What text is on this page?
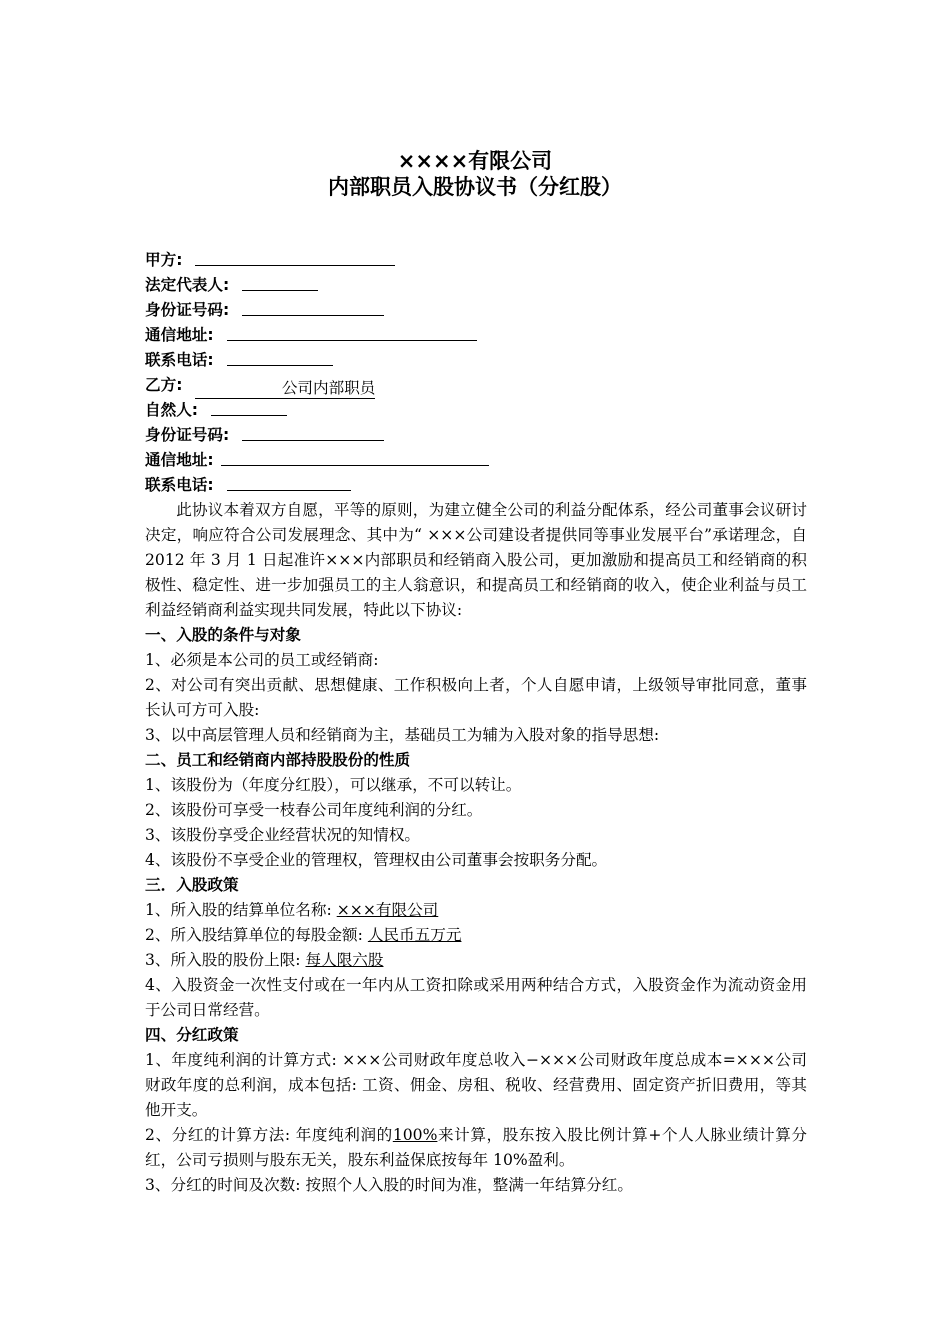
××××有限公司
内部职员入股协议书（分红股）
甲方:
法定代表人:
身份证号码:
通信地址:
联系电话:
乙方:	公司内部职员
自然人:
身份证号码:
通信地址:
联系电话:

此协议本着双方自愿，平等的原则，为建立健全公司的利益分配体系，经公司董事会议研讨决定，响应符合公司发展理念、其中为“ ×××公司建设者提供同等事业发展平台”承诺理念，自 2012 年 3 月 1 日起准许×××内部职员和经销商入股公司，更加激励和提高员工和经销商的积极性、稳定性、进一步加强员工的主人翁意识，和提高员工和经销商的收入，使企业利益与员工利益经销商利益实现共同发展，特此以下协议:

一、入股的条件与对象

1、必须是本公司的员工或经销商:

2、对公司有突出贡献、思想健康、工作积极向上者，个人自愿申请，上级领导审批同意，董事长认可方可入股:

3、以中高层管理人员和经销商为主，基础员工为辅为入股对象的指导思想:

二、员工和经销商内部持股股份的性质

1、该股份为（年度分红股），可以继承，不可以转让。

2、该股份可享受一枝春公司年度纯利润的分红。

3、该股份享受企业经营状况的知情权。

4、该股份不享受企业的管理权，管理权由公司董事会按职务分配。

三．入股政策

1、所入股的结算单位名称: ×××有限公司

2、所入股结算单位的每股金额: 人民币五万元

3、所入股的股份上限: 每人限六股

4、入股资金一次性支付或在一年内从工资扣除或采用两种结合方式，入股资金作为流动资金用于公司日常经营。

四、分红政策

1、年度纯利润的计算方式: ×××公司财政年度总收入−×××公司财政年度总成本=×××公司财政年度的总利润，成本包括: 工资、佣金、房租、税收、经营费用、固定资产折旧费用，等其他开支。

2、分红的计算方法: 年度纯利润的100%来计算，股东按入股比例计算+个人人脉业绩计算分红，公司亏损则与股东无关，股东利益保底按每年 10%盈利。

3、分红的时间及次数: 按照个人入股的时间为准，整满一年结算分红。
